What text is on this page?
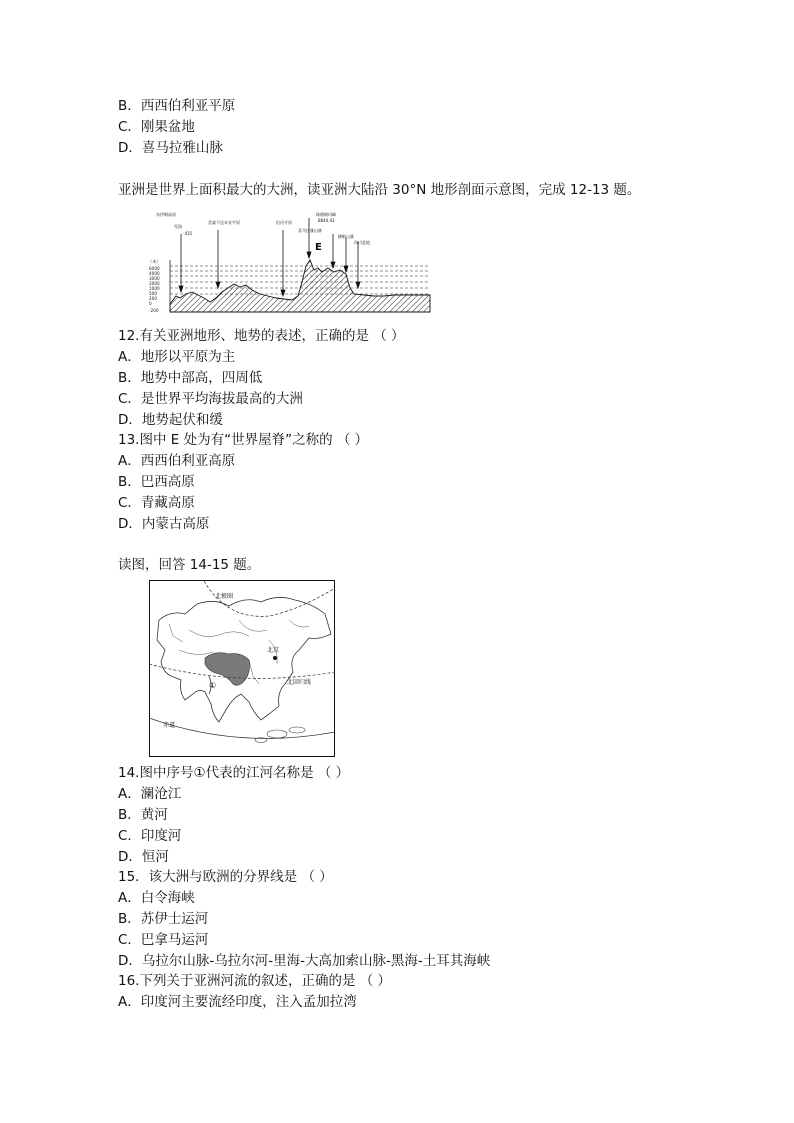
B．西西伯利亚平原
C．刚果盆地
D．喜马拉雅山脉
亚洲是世界上面积最大的大洲，读亚洲大陆沿 30°N 地形剖面示意图，完成 12-13 题。
（米）
6000
4000
3000
2000
1000
500
200
0
-200
东伊朗高原
死海
-415
美索不达米亚平原	恒河平原
珠穆朗玛峰
8844.43
喜马拉雅山脉
横断山脉
四川盆地
E
12.有关亚洲地形、地势的表述，正确的是 （ ）
A．地形以平原为主
B．地势中部高，四周低
C．是世界平均海拔最高的大洲
D．地势起伏和缓
13.图中 E 处为有“世界屋脊”之称的 （ ）
A．西西伯利亚高原
B．巴西高原
C．青藏高原
D．内蒙古高原
读图，回答 14-15 题。
北极圈
北京
北回归线
赤道
①
14.图中序号①代表的江河名称是 （ ）
A．澜沧江
B．黄河
C．印度河
D．恒河
15．该大洲与欧洲的分界线是 （ ）
A．白令海峡
B．苏伊士运河
C．巴拿马运河
D．乌拉尔山脉-乌拉尔河-里海-大高加索山脉-黑海-土耳其海峡
16.下列关于亚洲河流的叙述，正确的是 （ ）
A．印度河主要流经印度，注入孟加拉湾
